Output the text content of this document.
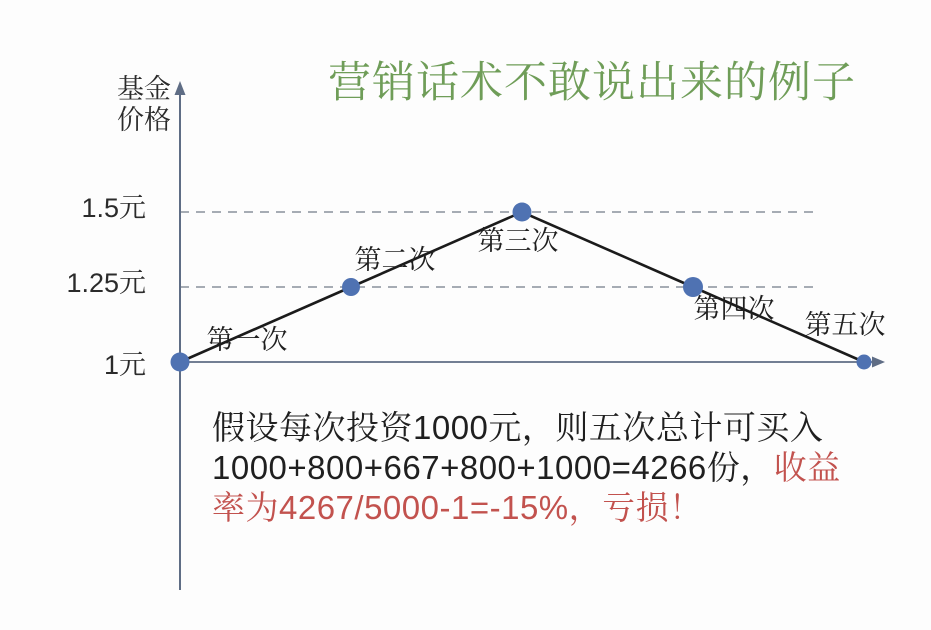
营销话术不敢说出来的例子
基金价格
1元
1.25元
1.5元
第一次
第二次
第三次
第四次
第五次
假设每次投资1000元，则五次总计可买入
1000+800+667+800+1000=4266份，收益
率为4267/5000-1=-15%，亏损！
